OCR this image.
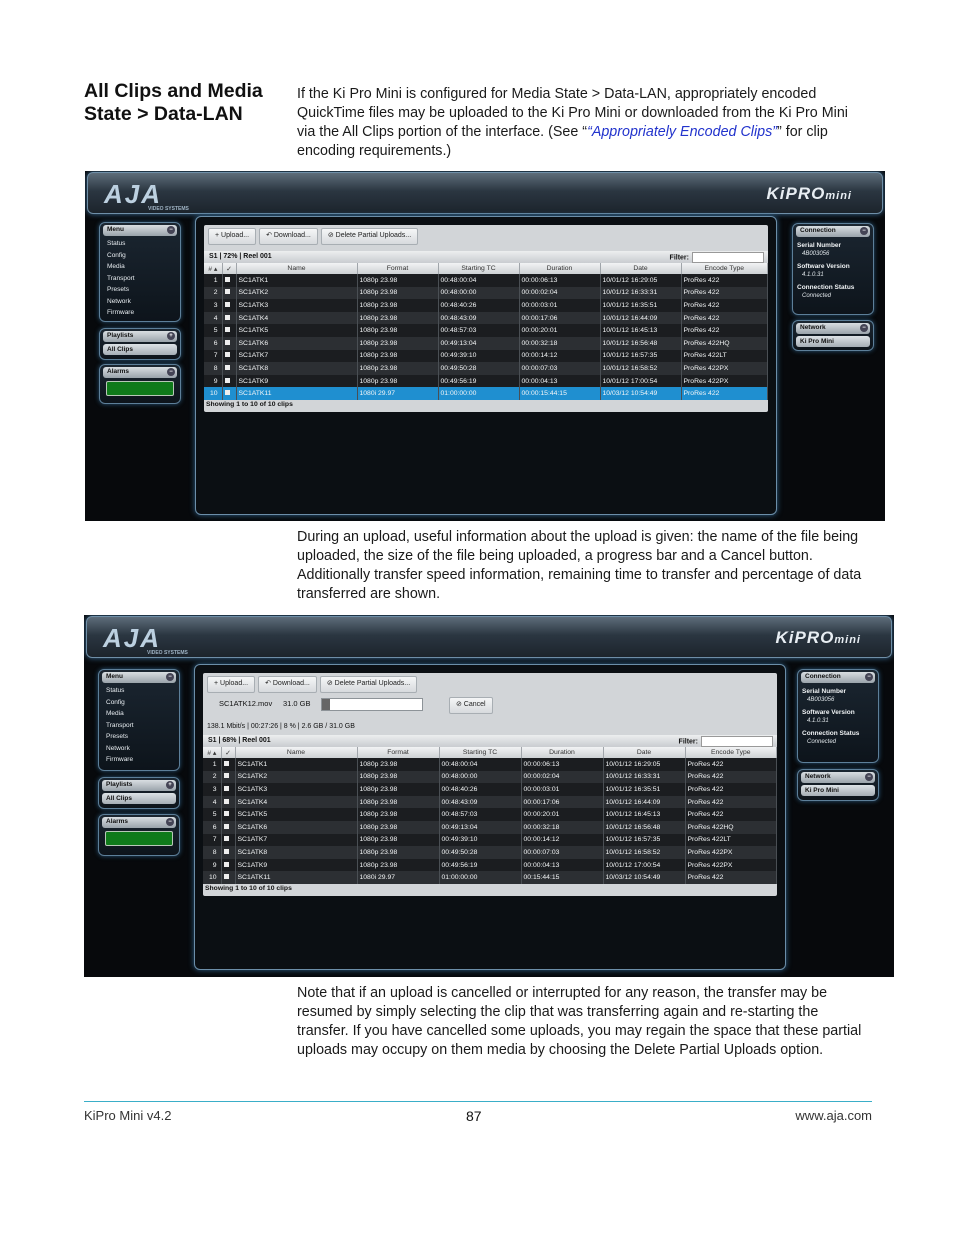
All Clips and Media State > Data-LAN
If the Ki Pro Mini is configured for Media State > Data-LAN, appropriately encoded QuickTime files may be uploaded to the Ki Pro Mini or downloaded from the Ki Pro Mini via the All Clips portion of the interface. (See ““Appropriately Encoded Clips”” for clip encoding requirements.)
AJA
VIDEO SYSTEMS
KiPROmini
Menu	−
Status
Config
Media
Transport
Presets
Network
Firmware
Playlists	+
All Clips
Alarms	−
Connection	−
Serial Number
4B003056
Software Version
4.1.0.31
Connection Status
Connected
Network	−
Ki Pro Mini
+ Upload... ↶ Download... ⊘ Delete Partial Uploads...
S1 | 72% | Reel 001	Filter:
# ▴	✓	Name	Format	Starting TC	Duration	Date	Encode Type
1		SC1ATK1	1080p 23.98	00:48:00:04	00:00:06:13	10/01/12 16:29:05	ProRes 422
2		SC1ATK2	1080p 23.98	00:48:00:00	00:00:02:04	10/01/12 16:33:31	ProRes 422
3		SC1ATK3	1080p 23.98	00:48:40:26	00:00:03:01	10/01/12 16:35:51	ProRes 422
4		SC1ATK4	1080p 23.98	00:48:43:09	00:00:17:06	10/01/12 16:44:09	ProRes 422
5		SC1ATK5	1080p 23.98	00:48:57:03	00:00:20:01	10/01/12 16:45:13	ProRes 422
6		SC1ATK6	1080p 23.98	00:49:13:04	00:00:32:18	10/01/12 16:56:48	ProRes 422HQ
7		SC1ATK7	1080p 23.98	00:49:39:10	00:00:14:12	10/01/12 16:57:35	ProRes 422LT
8		SC1ATK8	1080p 23.98	00:49:50:28	00:00:07:03	10/01/12 16:58:52	ProRes 422PX
9		SC1ATK9	1080p 23.98	00:49:56:19	00:00:04:13	10/01/12 17:00:54	ProRes 422PX
10		SC1ATK11	1080i 29.97	01:00:00:00	00:00:15:44:15	10/03/12 10:54:49	ProRes 422
Showing 1 to 10 of 10 clips
During an upload, useful information about the upload is given: the name of the file being uploaded, the size of the file being uploaded, a progress bar and a Cancel button. Additionally transfer speed information, remaining time to transfer and percentage of data transferred are shown.
AJA
VIDEO SYSTEMS
KiPROmini
Menu	−
Status
Config
Media
Transport
Presets
Network
Firmware
Playlists	+
All Clips
Alarms	−
Connection	−
Serial Number
4B003056
Software Version
4.1.0.31
Connection Status
Connected
Network	−
Ki Pro Mini
+ Upload... ↶ Download... ⊘ Delete Partial Uploads...
SC1ATK12.mov 31.0 GB	⊘ Cancel
138.1 Mbit/s | 00:27:26 | 8 % | 2.6 GB / 31.0 GB
S1 | 68% | Reel 001	Filter:
# ▴	✓	Name	Format	Starting TC	Duration	Date	Encode Type
1		SC1ATK1	1080p 23.98	00:48:00:04	00:00:06:13	10/01/12 16:29:05	ProRes 422
2		SC1ATK2	1080p 23.98	00:48:00:00	00:00:02:04	10/01/12 16:33:31	ProRes 422
3		SC1ATK3	1080p 23.98	00:48:40:26	00:00:03:01	10/01/12 16:35:51	ProRes 422
4		SC1ATK4	1080p 23.98	00:48:43:09	00:00:17:06	10/01/12 16:44:09	ProRes 422
5		SC1ATK5	1080p 23.98	00:48:57:03	00:00:20:01	10/01/12 16:45:13	ProRes 422
6		SC1ATK6	1080p 23.98	00:49:13:04	00:00:32:18	10/01/12 16:56:48	ProRes 422HQ
7		SC1ATK7	1080p 23.98	00:49:39:10	00:00:14:12	10/01/12 16:57:35	ProRes 422LT
8		SC1ATK8	1080p 23.98	00:49:50:28	00:00:07:03	10/01/12 16:58:52	ProRes 422PX
9		SC1ATK9	1080p 23.98	00:49:56:19	00:00:04:13	10/01/12 17:00:54	ProRes 422PX
10		SC1ATK11	1080i 29.97	01:00:00:00	00:15:44:15	10/03/12 10:54:49	ProRes 422
Showing 1 to 10 of 10 clips
Note that if an upload is cancelled or interrupted for any reason, the transfer may be resumed by simply selecting the clip that was transferring again and re-starting the transfer. If you have cancelled some uploads, you may regain the space that these partial uploads may occupy on them media by choosing the Delete Partial Uploads option.
KiPro Mini v4.2	87	www.aja.com
